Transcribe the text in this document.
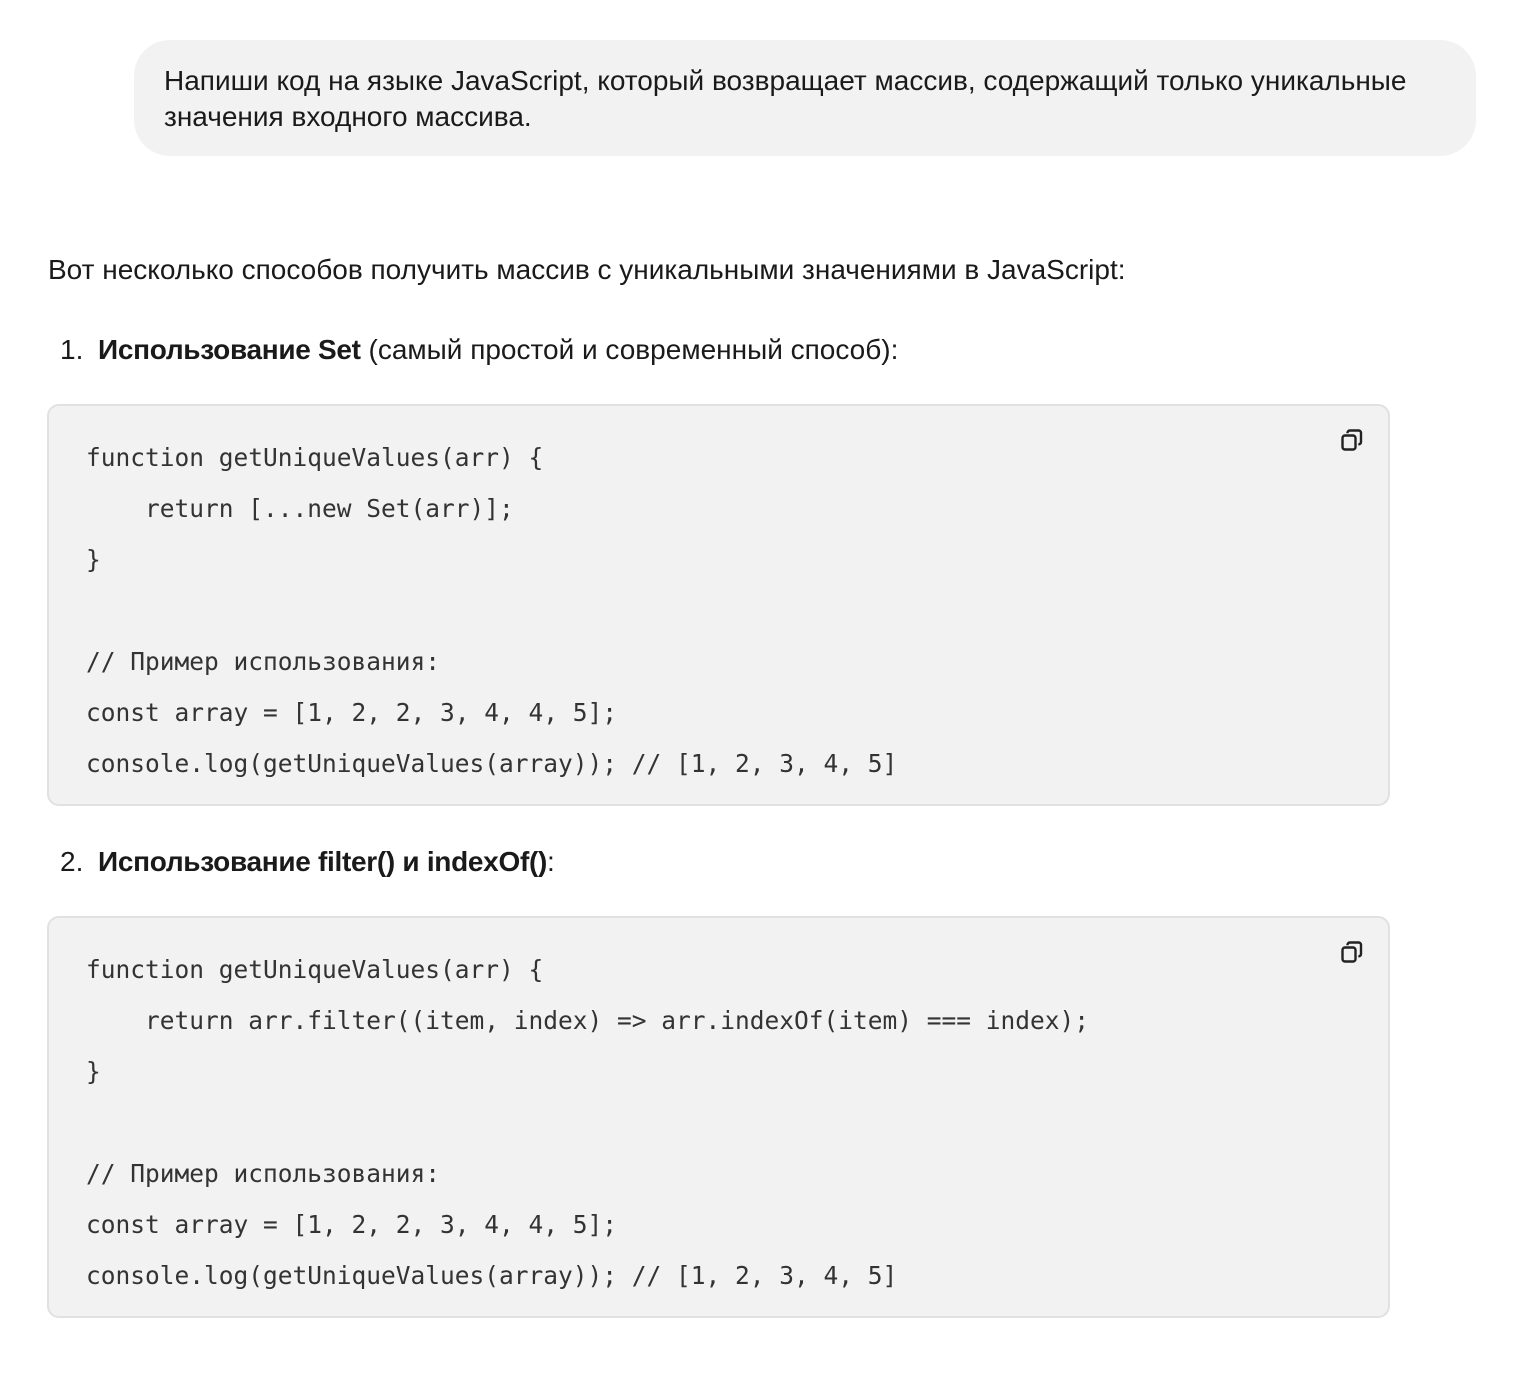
Напиши код на языке JavaScript, который возвращает массив, содержащий только уникальные
значения входного массива.
Вот несколько способов получить массив с уникальными значениями в JavaScript:
1. Использование Set (самый простой и современный способ):
function getUniqueValues(arr) {
return [...new Set(arr)];
}

// Пример использования:
const array = [1, 2, 2, 3, 4, 4, 5];
console.log(getUniqueValues(array)); // [1, 2, 3, 4, 5]
2. Использование filter() и indexOf():
function getUniqueValues(arr) {
return arr.filter((item, index) => arr.indexOf(item) === index);
}

// Пример использования:
const array = [1, 2, 2, 3, 4, 4, 5];
console.log(getUniqueValues(array)); // [1, 2, 3, 4, 5]
